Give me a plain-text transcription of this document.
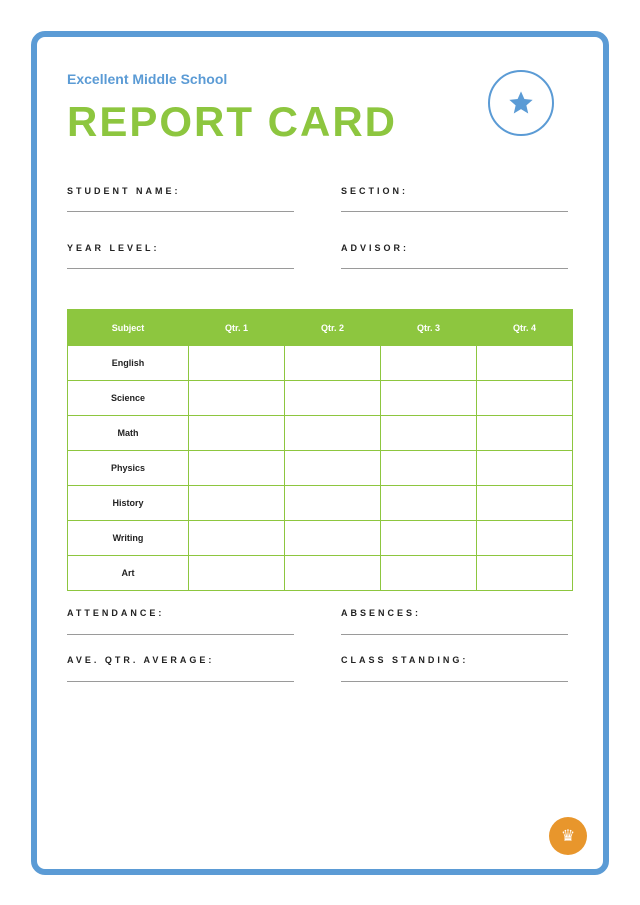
Excellent Middle School
REPORT CARD
STUDENT NAME:	SECTION:
YEAR LEVEL:	ADVISOR:
Subject	Qtr. 1	Qtr. 2	Qtr. 3	Qtr. 4
English				
Science				
Math				
Physics				
History				
Writing				
Art				
ATTENDANCE:	ABSENCES:
AVE. QTR. AVERAGE:	CLASS STANDING:
♛
